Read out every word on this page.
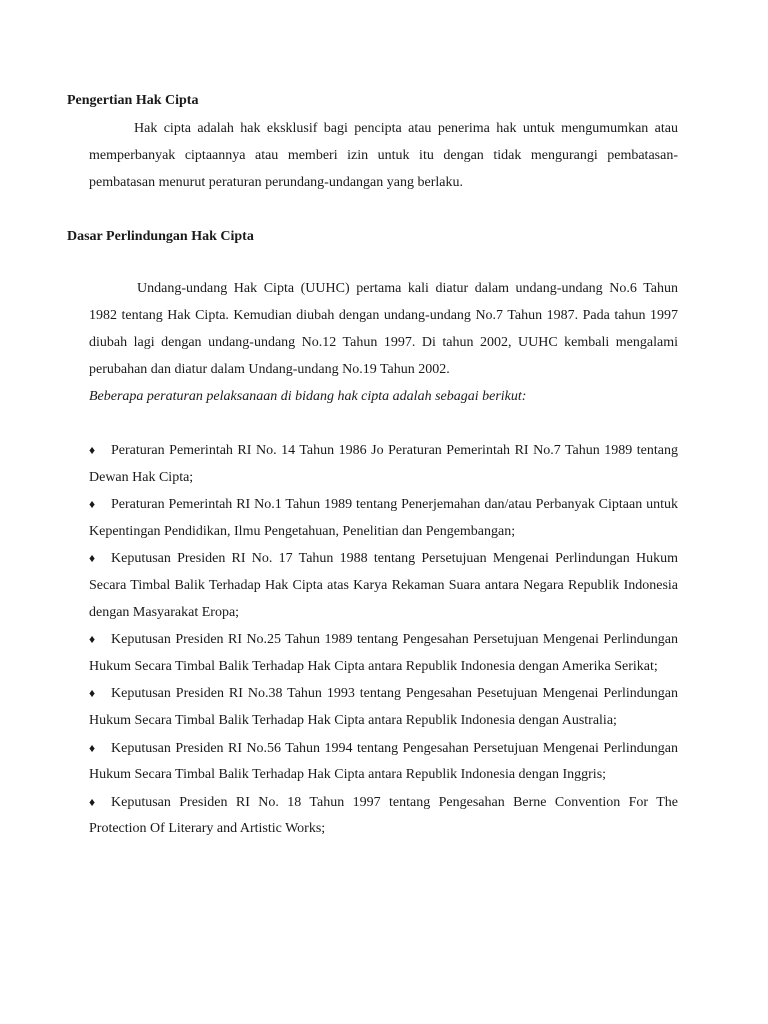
Pengertian Hak Cipta
Hak cipta adalah hak eksklusif bagi pencipta atau penerima hak untuk mengumumkan atau memperbanyak ciptaannya atau memberi izin untuk itu dengan tidak mengurangi pembatasan-pembatasan menurut peraturan perundang-undangan yang berlaku.
Dasar Perlindungan Hak Cipta
Undang-undang Hak Cipta (UUHC) pertama kali diatur dalam undang-undang No.6 Tahun 1982 tentang Hak Cipta. Kemudian diubah dengan undang-undang No.7 Tahun 1987. Pada tahun 1997 diubah lagi dengan undang-undang No.12 Tahun 1997. Di tahun 2002, UUHC kembali mengalami perubahan dan diatur dalam Undang-undang No.19 Tahun 2002.
Beberapa peraturan pelaksanaan di bidang hak cipta adalah sebagai berikut:
♦ Peraturan Pemerintah RI No. 14 Tahun 1986 Jo Peraturan Pemerintah RI No.7 Tahun 1989 tentang Dewan Hak Cipta;
♦ Peraturan Pemerintah RI No.1 Tahun 1989 tentang Penerjemahan dan/atau Perbanyak Ciptaan untuk Kepentingan Pendidikan, Ilmu Pengetahuan, Penelitian dan Pengembangan;
♦ Keputusan Presiden RI No. 17 Tahun 1988 tentang Persetujuan Mengenai Perlindungan Hukum Secara Timbal Balik Terhadap Hak Cipta atas Karya Rekaman Suara antara Negara Republik Indonesia dengan Masyarakat Eropa;
♦ Keputusan Presiden RI No.25 Tahun 1989 tentang Pengesahan Persetujuan Mengenai Perlindungan Hukum Secara Timbal Balik Terhadap Hak Cipta antara Republik Indonesia dengan Amerika Serikat;
♦ Keputusan Presiden RI No.38 Tahun 1993 tentang Pengesahan Pesetujuan Mengenai Perlindungan Hukum Secara Timbal Balik Terhadap Hak Cipta antara Republik Indonesia dengan Australia;
♦ Keputusan Presiden RI No.56 Tahun 1994 tentang Pengesahan Persetujuan Mengenai Perlindungan Hukum Secara Timbal Balik Terhadap Hak Cipta antara Republik Indonesia dengan Inggris;
♦ Keputusan Presiden RI No. 18 Tahun 1997 tentang Pengesahan Berne Convention For The Protection Of Literary and Artistic Works;
